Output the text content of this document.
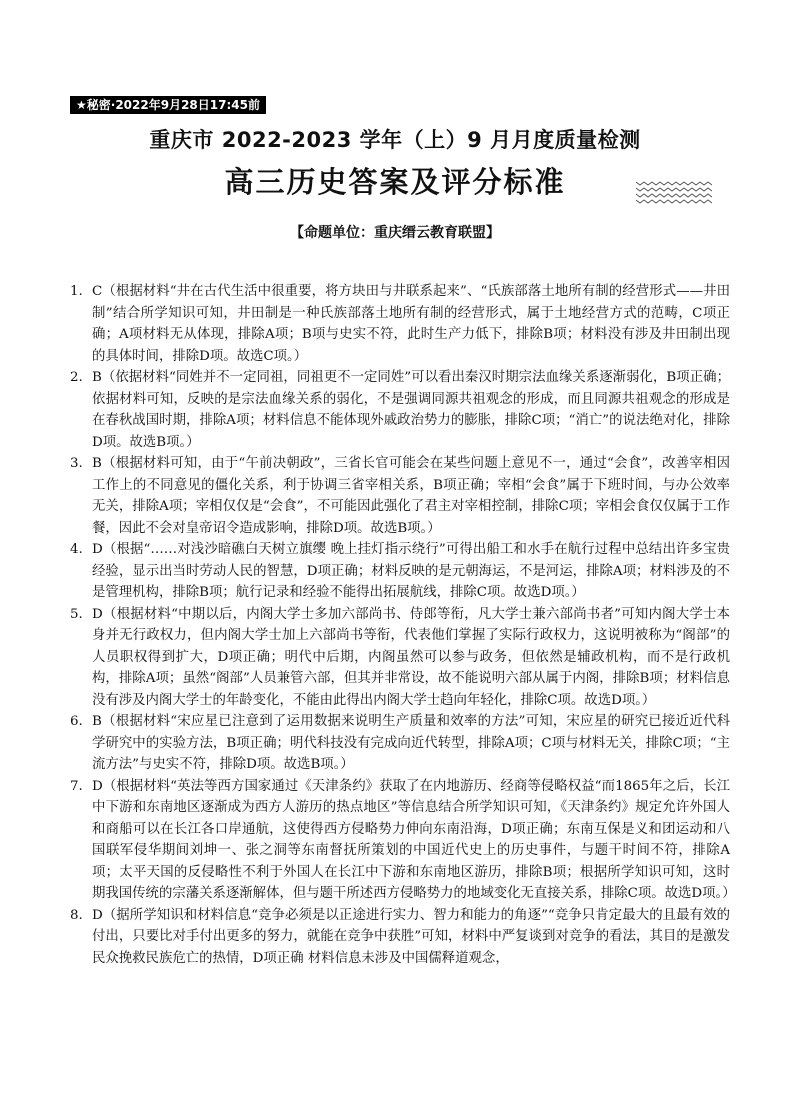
★秘密·2022年9月28日17:45前
重庆市 2022-2023 学年（上）9 月月度质量检测
高三历史答案及评分标准
【命题单位：重庆缙云教育联盟】
1. C（根据材料“井在古代生活中很重要，将方块田与井联系起来”、“氏族部落土地所有制的经营形式——井田制”结合所学知识可知，井田制是一种氏族部落土地所有制的经营形式，属于土地经营方式的范畴，C项正确；A项材料无从体现，排除A项；B项与史实不符，此时生产力低下，排除B项；材料没有涉及井田制出现的具体时间，排除D项。故选C项。）
2. B（依据材料“同姓并不一定同祖，同祖更不一定同姓”可以看出秦汉时期宗法血缘关系逐渐弱化，B项正确；依据材料可知，反映的是宗法血缘关系的弱化，不是强调同源共祖观念的形成，而且同源共祖观念的形成是在春秋战国时期，排除A项；材料信息不能体现外戚政治势力的膨胀，排除C项；“消亡”的说法绝对化，排除D项。故选B项。）
3. B（根据材料可知，由于“午前决朝政”，三省长官可能会在某些问题上意见不一，通过“会食”，改善宰相因工作上的不同意见的僵化关系，利于协调三省宰相关系，B项正确；宰相“会食”属于下班时间，与办公效率无关，排除A项；宰相仅仅是“会食”，不可能因此强化了君主对宰相控制，排除C项；宰相会食仅仅属于工作餐，因此不会对皇帝诏令造成影响，排除D项。故选B项。）
4. D（根据“……对浅沙暗礁白天树立旗缨 晚上挂灯指示绕行”可得出船工和水手在航行过程中总结出许多宝贵经验，显示出当时劳动人民的智慧，D项正确；材料反映的是元朝海运，不是河运，排除A项；材料涉及的不是管理机构，排除B项；航行记录和经验不能得出拓展航线，排除C项。故选D项。）
5. D（根据材料“中期以后，内阁大学士多加六部尚书、侍郎等衔，凡大学士兼六部尚书者”可知内阁大学士本身并无行政权力，但内阁大学士加上六部尚书等衔，代表他们掌握了实际行政权力，这说明被称为“阁部”的人员职权得到扩大，D项正确；明代中后期，内阁虽然可以参与政务，但依然是辅政机构，而不是行政机构，排除A项；虽然“阁部”人员兼管六部，但其并非常设，故不能说明六部从属于内阁，排除B项；材料信息没有涉及内阁大学士的年龄变化，不能由此得出内阁大学士趋向年轻化，排除C项。故选D项。）
6. B（根据材料“宋应星已注意到了运用数据来说明生产质量和效率的方法”可知，宋应星的研究已接近近代科学研究中的实验方法，B项正确；明代科技没有完成向近代转型，排除A项；C项与材料无关，排除C项；“主流方法”与史实不符，排除D项。故选B项。）
7. D（根据材料“英法等西方国家通过《天津条约》获取了在内地游历、经商等侵略权益“而1865年之后，长江中下游和东南地区逐渐成为西方人游历的热点地区”等信息结合所学知识可知，《天津条约》规定允许外国人和商船可以在长江各口岸通航，这使得西方侵略势力伸向东南沿海，D项正确；东南互保是义和团运动和八国联军侵华期间刘坤一、张之洞等东南督抚所策划的中国近代史上的历史事件，与题干时间不符，排除A项；太平天国的反侵略性不利于外国人在长江中下游和东南地区游历，排除B项；根据所学知识可知，这时期我国传统的宗藩关系逐渐解体，但与题干所述西方侵略势力的地域变化无直接关系，排除C项。故选D项。）
8. D（据所学知识和材料信息“竞争必须是以正途进行实力、智力和能力的角逐”“竞争只肯定最大的且最有效的付出，只要比对手付出更多的努力，就能在竞争中获胜”可知，材料中严复谈到对竞争的看法，其目的是激发民众挽救民族危亡的热情，D项正确 材料信息未涉及中国儒释道观念，
